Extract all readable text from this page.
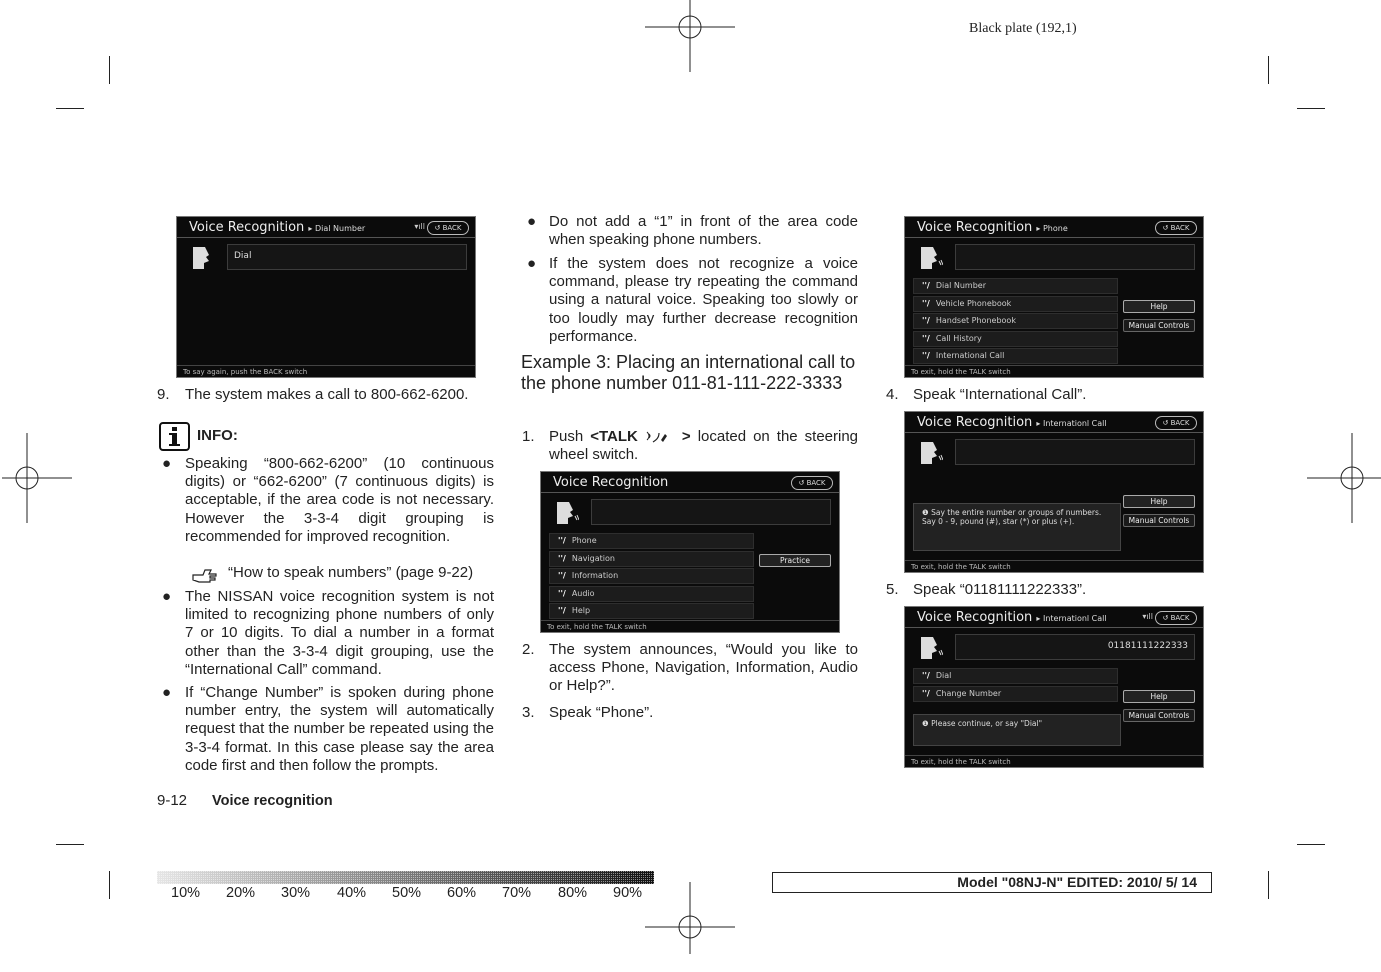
Black plate (192,1)
Voice Recognition ▸ Dial Number	▾ıll	↺ BACK
Dial
To say again, push the BACK switch
9. The system makes a call to 800-662-6200.
INFO:
● Speaking “800-662-6200” (10 continuous digits) or “662-6200” (7 continuous digits) is acceptable, if the area code is not necessary. However the 3-3-4 digit grouping is recommended for improved recognition.
“How to speak numbers” (page 9-22)
● The NISSAN voice recognition system is not limited to recognizing phone numbers of only 7 or 10 digits. To dial a number in a format other than the 3-3-4 digit grouping, use the “International Call” command.
● If “Change Number” is spoken during phone number entry, the system will automatically request that the number be repeated using the 3-3-4 format. In this case please say the area code first and then follow the prompts.
● Do not add a “1” in front of the area code when speaking phone numbers.
● If the system does not recognize a voice command, please try repeating the command using a natural voice. Speaking too slowly or too loudly may further decrease recognition performance.
Example 3: Placing an international call to the phone number 011-81-111-222-3333
1. Push <TALK	> located on the steering wheel switch.
Voice Recognition	↺ BACK
''/ Phone
''/ Navigation
''/ Information
''/ Audio
''/ Help
Practice
To exit, hold the TALK switch
2. The system announces, “Would you like to access Phone, Navigation, Information, Audio or Help?”.
3. Speak “Phone”.
Voice Recognition ▸ Phone	↺ BACK
''/ Dial Number
''/ Vehicle Phonebook
''/ Handset Phonebook
''/ Call History
''/ International Call
Help
Manual Controls
To exit, hold the TALK switch
4. Speak “International Call”.
Voice Recognition ▸ Internationl Call	↺ BACK
❶ Say the entire number or groups of numbers. Say 0 - 9, pound (#), star (*) or plus (+).
Help
Manual Controls
To exit, hold the TALK switch
5. Speak “01181111222333”.
Voice Recognition ▸ Internationl Call	▾ıll	↺ BACK
01181111222333
''/ Dial
''/ Change Number
❶ Please continue, or say "Dial"
Help
Manual Controls
To exit, hold the TALK switch
9-12 Voice recognition
10% 20% 30% 40% 50% 60% 70% 80% 90%
Model "08NJ-N" EDITED: 2010/ 5/ 14
